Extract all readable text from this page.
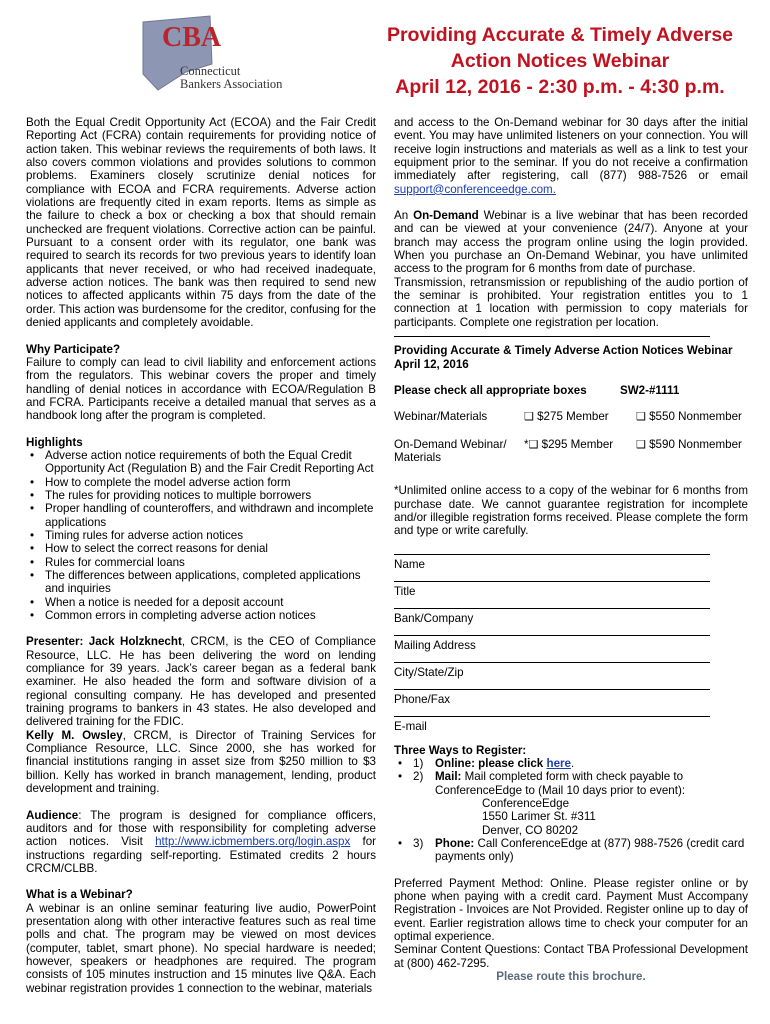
CBA
Connecticut
Bankers Association
Providing Accurate & Timely Adverse
Action Notices Webinar
April 12, 2016 - 2:30 p.m. - 4:30 p.m.

Both the Equal Credit Opportunity Act (ECOA) and the Fair Credit Reporting Act (FCRA) contain requirements for providing notice of action taken. This webinar reviews the requirements of both laws. It also covers common violations and provides solutions to common problems. Examiners closely scrutinize denial notices for compliance with ECOA and FCRA requirements. Adverse action violations are frequently cited in exam reports. Items as simple as the failure to check a box or checking a box that should remain unchecked are frequent violations. Corrective action can be painful. Pursuant to a consent order with its regulator, one bank was required to search its records for two previous years to identify loan applicants that never received, or who had received inadequate, adverse action notices. The bank was then required to send new notices to affected applicants within 75 days from the date of the order. This action was burdensome for the creditor, confusing for the denied applicants and completely avoidable.

Why Participate?

Failure to comply can lead to civil liability and enforcement actions from the regulators. This webinar covers the proper and timely handling of denial notices in accordance with ECOA/Regulation B and FCRA. Participants receive a detailed manual that serves as a handbook long after the program is completed.

Highlights

• Adverse action notice requirements of both the Equal Credit Opportunity Act (Regulation B) and the Fair Credit Reporting Act
• How to complete the model adverse action form
• The rules for providing notices to multiple borrowers
• Proper handling of counteroffers, and withdrawn and incomplete applications
• Timing rules for adverse action notices
• How to select the correct reasons for denial
• Rules for commercial loans
• The differences between applications, completed applications and inquiries
• When a notice is needed for a deposit account
• Common errors in completing adverse action notices

Presenter: Jack Holzknecht, CRCM, is the CEO of Compliance Resource, LLC. He has been delivering the word on lending compliance for 39 years. Jack’s career began as a federal bank examiner. He also headed the form and software division of a regional consulting company. He has developed and presented training programs to bankers in 43 states. He also developed and delivered training for the FDIC.

Kelly M. Owsley, CRCM, is Director of Training Services for Compliance Resource, LLC. Since 2000, she has worked for financial institutions ranging in asset size from $250 million to $3 billion. Kelly has worked in branch management, lending, product development and training.

Audience: The program is designed for compliance officers, auditors and for those with responsibility for completing adverse action notices. Visit http://www.icbmembers.org/login.aspx for instructions regarding self-reporting. Estimated credits 2 hours CRCM/CLBB.

What is a Webinar?

A webinar is an online seminar featuring live audio, PowerPoint presentation along with other interactive features such as real time polls and chat. The program may be viewed on most devices (computer, tablet, smart phone). No special hardware is needed; however, speakers or headphones are required. The program consists of 105 minutes instruction and 15 minutes live Q&A. Each webinar registration provides 1 connection to the webinar, materials

and access to the On-Demand webinar for 30 days after the initial event. You may have unlimited listeners on your connection. You will receive login instructions and materials as well as a link to test your equipment prior to the seminar. If you do not receive a confirmation immediately after registering, call (877) 988-7526 or email support@conferenceedge.com.

An On-Demand Webinar is a live webinar that has been recorded and can be viewed at your convenience (24/7). Anyone at your branch may access the program online using the login provided. When you purchase an On-Demand Webinar, you have unlimited access to the program for 6 months from date of purchase.

Transmission, retransmission or republishing of the audio portion of the seminar is prohibited. Your registration entitles you to 1 connection at 1 location with permission to copy materials for participants. Complete one registration per location.

Providing Accurate & Timely Adverse Action Notices Webinar

April 12, 2016

Please check all appropriate boxes	SW2-#1111
Webinar/Materials	❑ $275 Member	❑ $550 Nonmember
On-Demand Webinar/
Materials
*❑ $295 Member	❑ $590 Nonmember

*Unlimited online access to a copy of the webinar for 6 months from purchase date. We cannot guarantee registration for incomplete and/or illegible registration forms received. Please complete the form and type or write carefully.

Name
Title
Bank/Company
Mailing Address
City/State/Zip
Phone/Fax
E-mail

Three Ways to Register:

• 1)	Online: please click here.
• 2)	Mail: Mail completed form with check payable to ConferenceEdge to (Mail 10 days prior to event):
ConferenceEdge
1550 Larimer St. #311
Denver, CO 80202
• 3)	Phone: Call ConferenceEdge at (877) 988-7526 (credit card payments only)

Preferred Payment Method: Online. Please register online or by phone when paying with a credit card. Payment Must Accompany Registration - Invoices are Not Provided. Register online up to day of event. Earlier registration allows time to check your computer for an optimal experience.

Seminar Content Questions: Contact TBA Professional Development at (800) 462-7295.

Please route this brochure.
